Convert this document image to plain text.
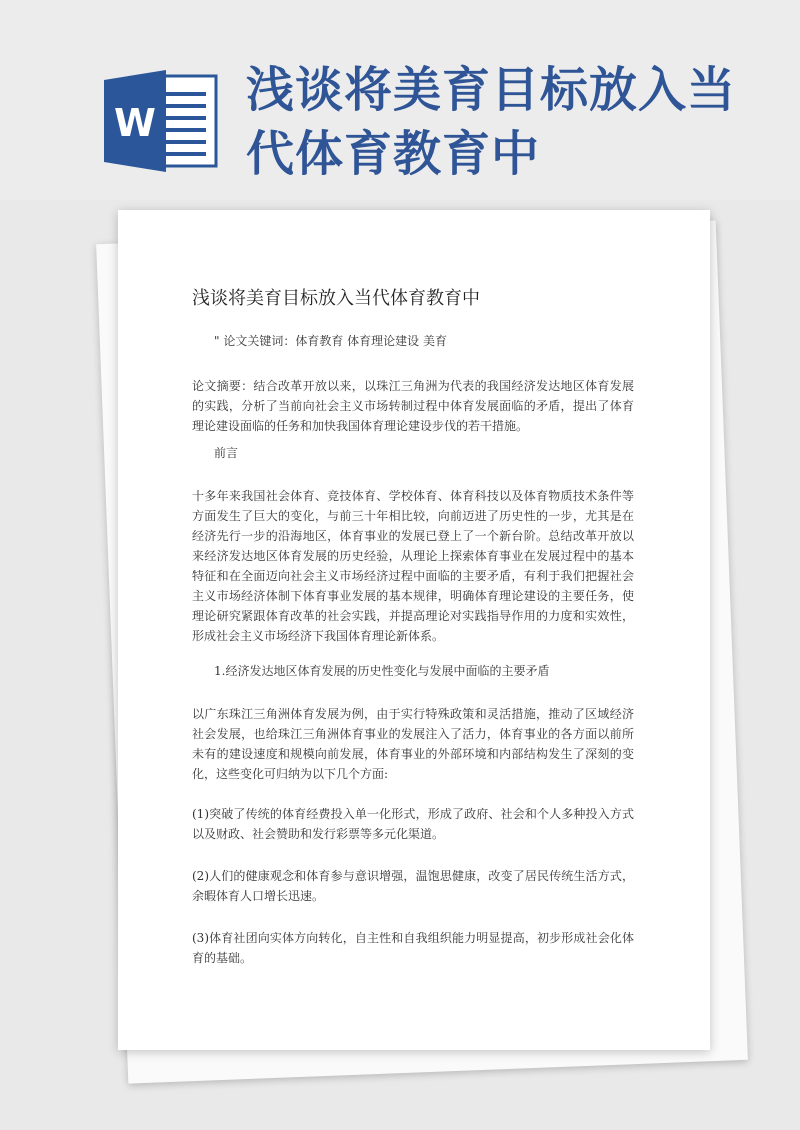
W
浅谈将美育目标放入当
代体育教育中
浅谈将美育目标放入当代体育教育中
" 论文关键词：体育教育 体育理论建设 美育

论文摘要：结合改革开放以来，以珠江三角洲为代表的我国经济发达地区体育发展的实践，分析了当前向社会主义市场转制过程中体育发展面临的矛盾，提出了体育理论建设面临的任务和加快我国体育理论建设步伐的若干措施。

前言

十多年来我国社会体育、竞技体育、学校体育、体育科技以及体育物质技术条件等方面发生了巨大的变化，与前三十年相比较，向前迈进了历史性的一步，尤其是在经济先行一步的沿海地区，体育事业的发展已登上了一个新台阶。总结改革开放以来经济发达地区体育发展的历史经验，从理论上探索体育事业在发展过程中的基本特征和在全面迈向社会主义市场经济过程中面临的主要矛盾，有利于我们把握社会主义市场经济体制下体育事业发展的基本规律，明确体育理论建设的主要任务，使理论研究紧跟体育改革的社会实践，并提高理论对实践指导作用的力度和实效性，形成社会主义市场经济下我国体育理论新体系。

1.经济发达地区体育发展的历史性变化与发展中面临的主要矛盾

以广东珠江三角洲体育发展为例，由于实行特殊政策和灵活措施，推动了区域经济社会发展，也给珠江三角洲体育事业的发展注入了活力，体育事业的各方面以前所未有的建设速度和规模向前发展，体育事业的外部环境和内部结构发生了深刻的变化，这些变化可归纳为以下几个方面:

(1)突破了传统的体育经费投入单一化形式，形成了政府、社会和个人多种投入方式以及财政、社会赞助和发行彩票等多元化渠道。

(2)人们的健康观念和体育参与意识增强，温饱思健康，改变了居民传统生活方式，余暇体育人口增长迅速。

(3)体育社团向实体方向转化，自主性和自我组织能力明显提高，初步形成社会化体育的基础。
